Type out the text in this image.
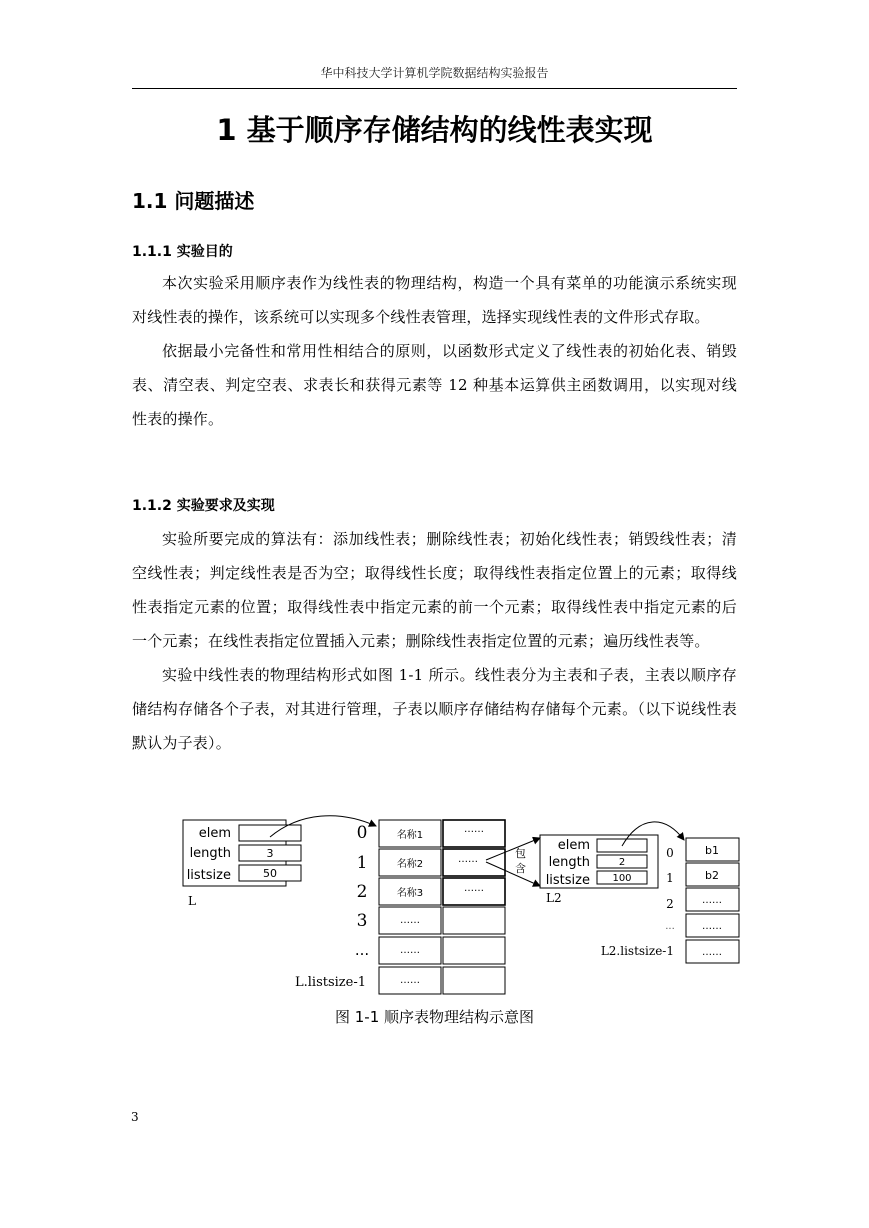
华中科技大学计算机学院数据结构实验报告
1 基于顺序存储结构的线性表实现
1.1 问题描述
1.1.1 实验目的

本次实验采用顺序表作为线性表的物理结构，构造一个具有菜单的功能演示系统实现对线性表的操作，该系统可以实现多个线性表管理，选择实现线性表的文件形式存取。

依据最小完备性和常用性相结合的原则，以函数形式定义了线性表的初始化表、销毁表、清空表、判定空表、求表长和获得元素等 12 种基本运算供主函数调用，以实现对线性表的操作。

1.1.2 实验要求及实现

实验所要完成的算法有：添加线性表；删除线性表；初始化线性表；销毁线性表；清空线性表；判定线性表是否为空；取得线性长度；取得线性表指定位置上的元素；取得线性表指定元素的位置；取得线性表中指定元素的前一个元素；取得线性表中指定元素的后一个元素；在线性表指定位置插入元素；删除线性表指定位置的元素；遍历线性表等。

实验中线性表的物理结构形式如图 1-1 所示。线性表分为主表和子表，主表以顺序存储结构存储各个子表，对其进行管理，子表以顺序存储结构存储每个元素。（以下说线性表默认为子表）。

elem
length
listsize
3
50
L
0
1
2
3
...
L.listsize-1
名称1
名称2
名称3
……
……
……
……
……
……
包
含
elem
length
listsize
2
100
L2
0
1
2
...
L2.listsize-1
b1
b2
……
……
……
图 1-1 顺序表物理结构示意图
3
